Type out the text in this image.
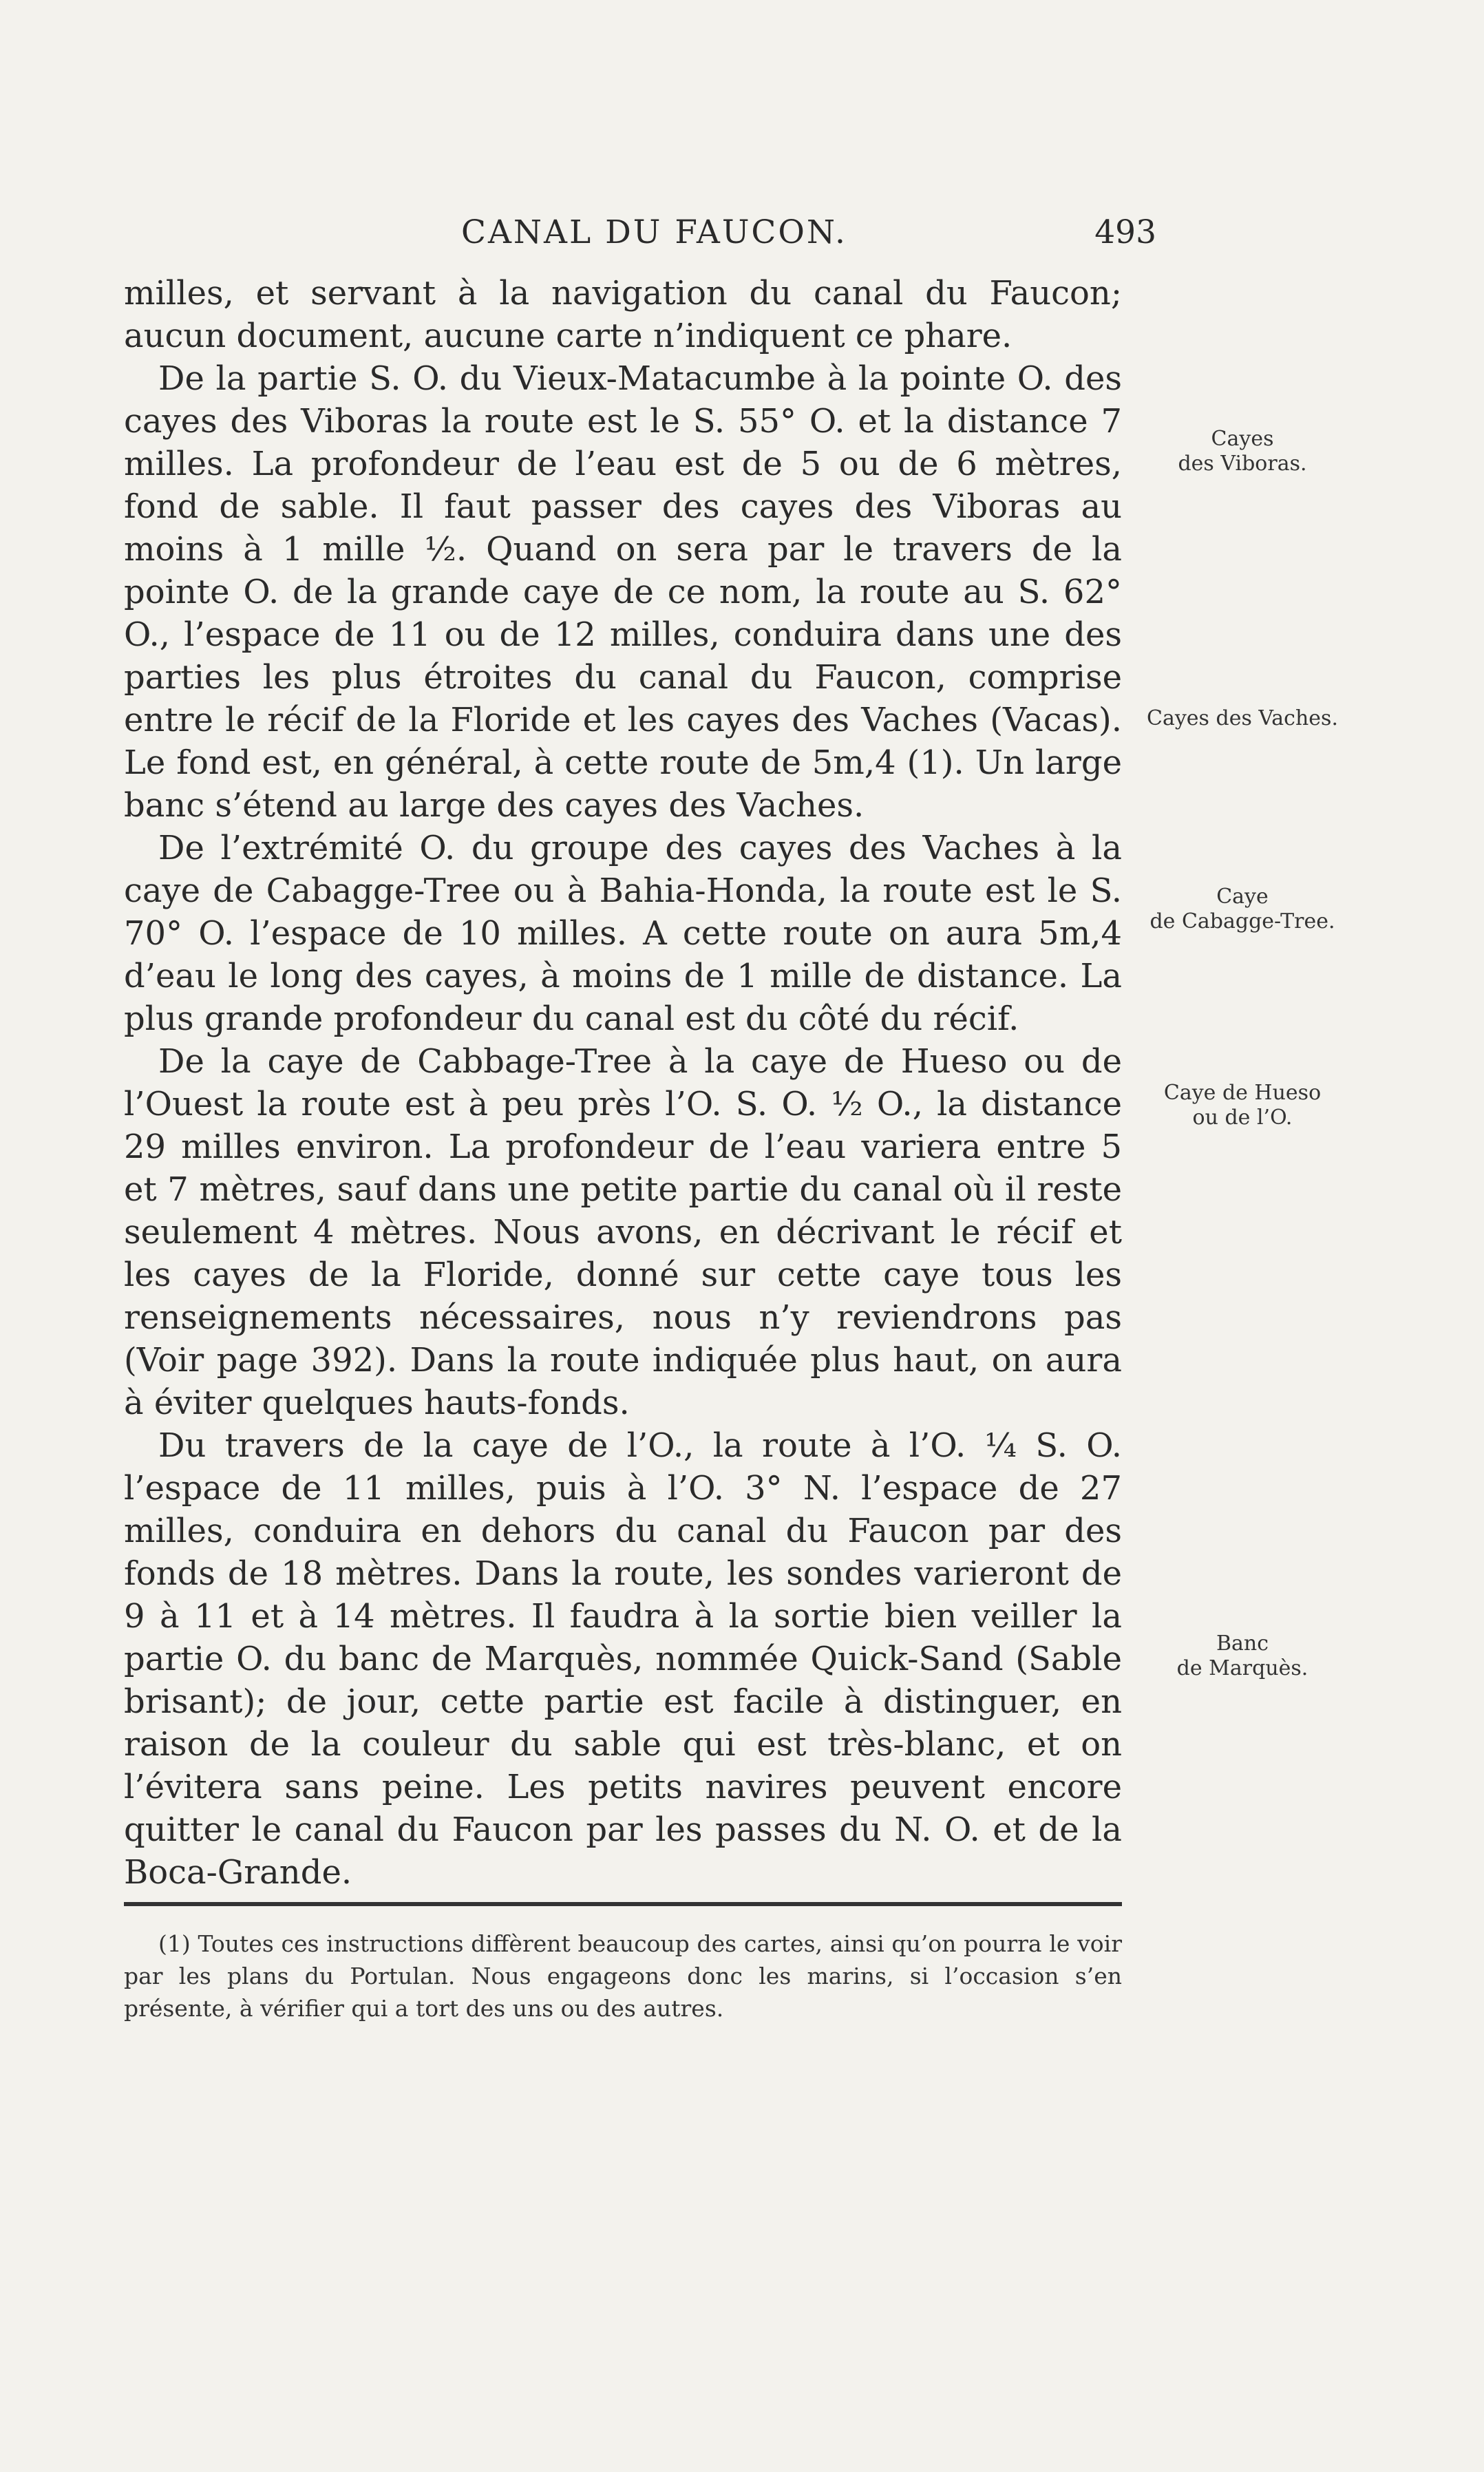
CANAL DU FAUCON.	493

milles, et servant à la navigation du canal du Faucon; aucun document, aucune carte n’indiquent ce phare.

De la partie S. O. du Vieux-Matacumbe à la pointe O. des cayes des Viboras la route est le S. 55° O. et la distance 7 milles. La profondeur de l’eau est de 5 ou de 6 mètres, fond de sable. Il faut passer des cayes des Viboras au moins à 1 mille ½. Quand on sera par le travers de la pointe O. de la grande caye de ce nom, la route au S. 62° O., l’espace de 11 ou de 12 milles, conduira dans une des parties les plus étroites du canal du Faucon, comprise entre le récif de la Floride et les cayes des Vaches (Vacas). Le fond est, en général, à cette route de 5m,4 (1). Un large banc s’étend au large des cayes des Vaches.

De l’extrémité O. du groupe des cayes des Vaches à la caye de Cabagge-Tree ou à Bahia-Honda, la route est le S. 70° O. l’espace de 10 milles. A cette route on aura 5m,4 d’eau le long des cayes, à moins de 1 mille de distance. La plus grande profondeur du canal est du côté du récif.

De la caye de Cabbage-Tree à la caye de Hueso ou de l’Ouest la route est à peu près l’O. S. O. ½ O., la distance 29 milles environ. La profondeur de l’eau variera entre 5 et 7 mètres, sauf dans une petite partie du canal où il reste seulement 4 mètres. Nous avons, en décrivant le récif et les cayes de la Floride, donné sur cette caye tous les renseignements nécessaires, nous n’y reviendrons pas (Voir page 392). Dans la route indiquée plus haut, on aura à éviter quelques hauts-fonds.

Du travers de la caye de l’O., la route à l’O. ¼ S. O. l’espace de 11 milles, puis à l’O. 3° N. l’espace de 27 milles, conduira en dehors du canal du Faucon par des fonds de 18 mètres. Dans la route, les sondes varieront de 9 à 11 et à 14 mètres. Il faudra à la sortie bien veiller la partie O. du banc de Marquès, nommée Quick-Sand (Sable brisant); de jour, cette partie est facile à distinguer, en raison de la couleur du sable qui est très-blanc, et on l’évitera sans peine. Les petits navires peuvent encore quitter le canal du Faucon par les passes du N. O. et de la Boca-Grande.

Cayes
des Viboras.
Cayes des Vaches.
Caye
de Cabagge-Tree.
Caye de Hueso
ou de l’O.
Banc
de Marquès.

(1) Toutes ces instructions diffèrent beaucoup des cartes, ainsi qu’on pourra le voir par les plans du Portulan. Nous engageons donc les marins, si l’occasion s’en présente, à vérifier qui a tort des uns ou des autres.
